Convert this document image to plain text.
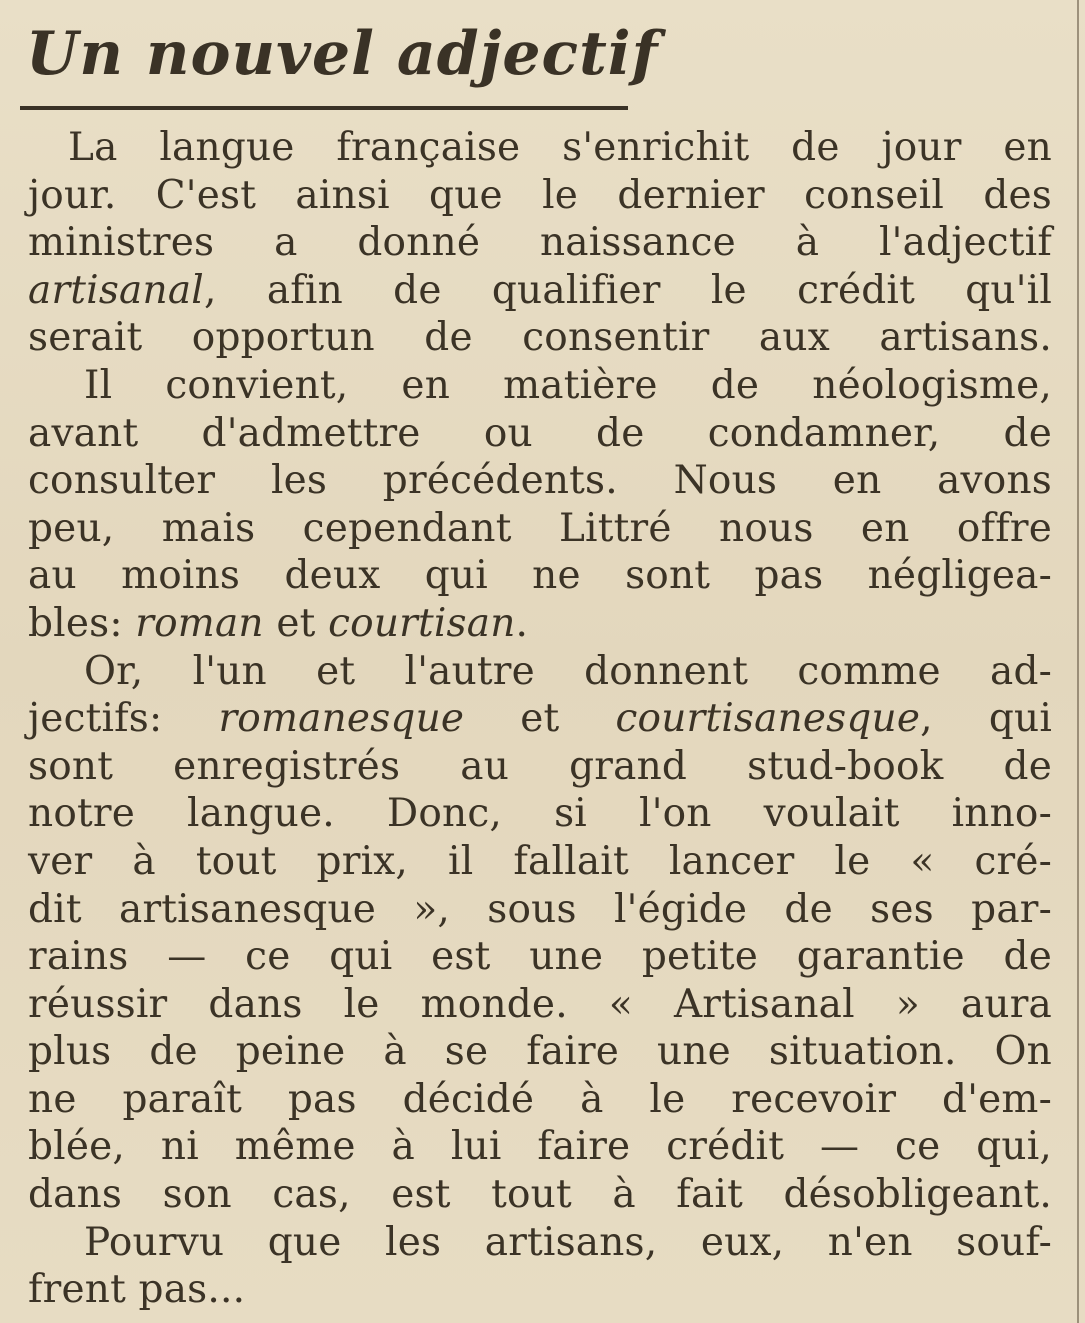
Un nouvel adjectif
La langue française s'enrichit de jour en
jour. C'est ainsi que le dernier conseil des
ministres a donné naissance à l'adjectif
artisanal, afin de qualifier le crédit qu'il
serait opportun de consentir aux artisans.
Il convient, en matière de néologisme,
avant d'admettre ou de condamner, de
consulter les précédents. Nous en avons
peu, mais cependant Littré nous en offre
au moins deux qui ne sont pas négligea-
bles: roman et courtisan.
Or, l'un et l'autre donnent comme ad-
jectifs: romanesque et courtisanesque, qui
sont enregistrés au grand stud-book de
notre langue. Donc, si l'on voulait inno-
ver à tout prix, il fallait lancer le « cré-
dit artisanesque », sous l'égide de ses par-
rains — ce qui est une petite garantie de
réussir dans le monde. « Artisanal » aura
plus de peine à se faire une situation. On
ne paraît pas décidé à le recevoir d'em-
blée, ni même à lui faire crédit — ce qui,
dans son cas, est tout à fait désobligeant.
Pourvu que les artisans, eux, n'en souf-
frent pas...
